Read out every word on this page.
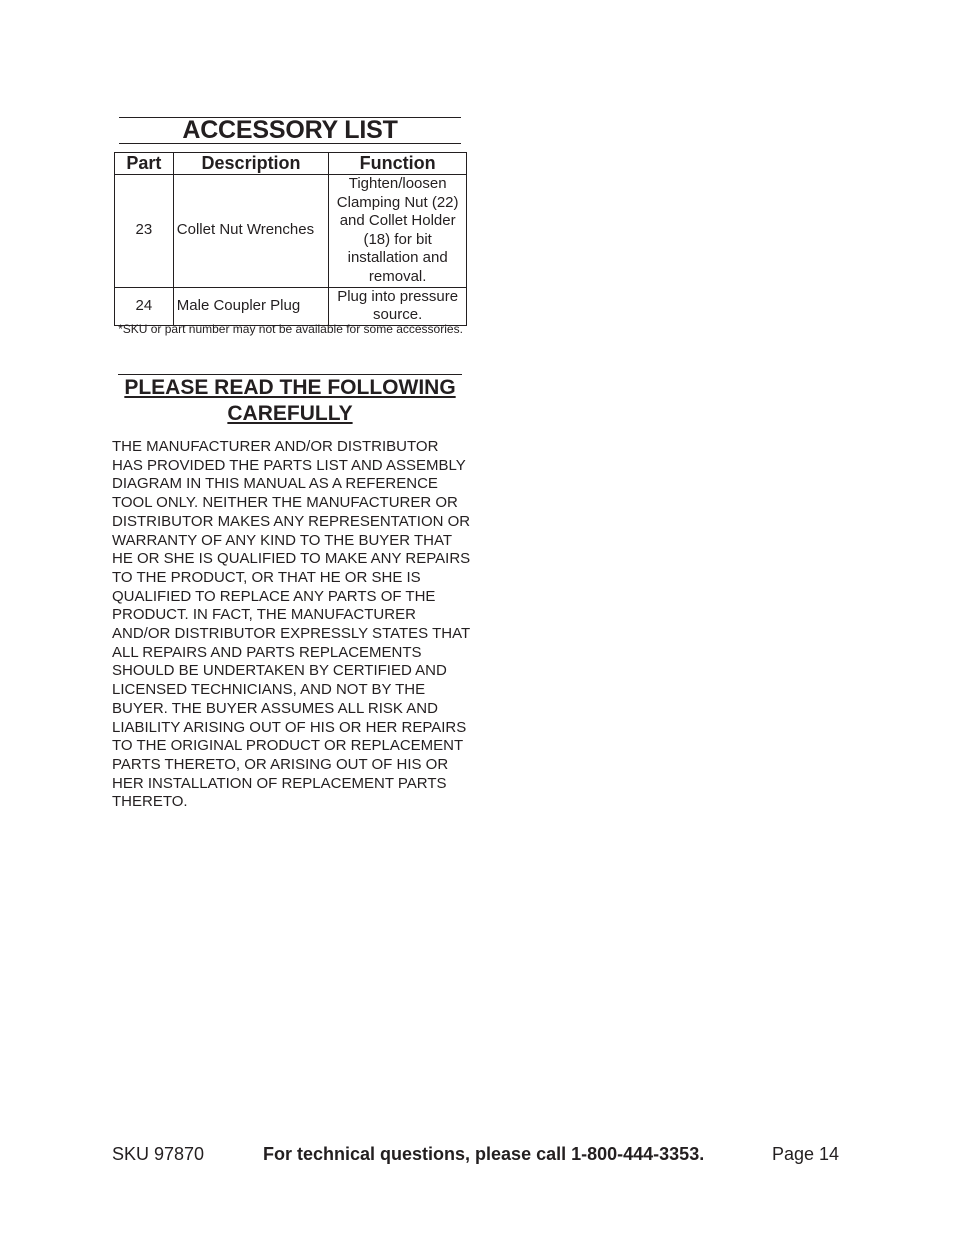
ACCESSORY LIST
Part	Description	Function
23	Collet Nut Wrenches	Tighten/loosen Clamping Nut (22) and Collet Holder (18) for bit installation and removal.
24	Male Coupler Plug	Plug into pressure source.
*SKU or part number may not be available for some accessories.
PLEASE READ THE FOLLOWING CAREFULLY
THE MANUFACTURER AND/OR DISTRIBUTOR HAS PROVIDED THE PARTS LIST AND ASSEMBLY DIAGRAM IN THIS MANUAL AS A REFERENCE TOOL ONLY. NEITHER THE MANUFACTURER OR DISTRIBUTOR MAKES ANY REPRESENTATION OR WARRANTY OF ANY KIND TO THE BUYER THAT HE OR SHE IS QUALIFIED TO MAKE ANY REPAIRS TO THE PRODUCT, OR THAT HE OR SHE IS QUALIFIED TO REPLACE ANY PARTS OF THE PRODUCT. IN FACT, THE MANUFACTURER AND/OR DISTRIBUTOR EXPRESSLY STATES THAT ALL REPAIRS AND PARTS REPLACEMENTS SHOULD BE UNDERTAKEN BY CERTIFIED AND LICENSED TECHNICIANS, AND NOT BY THE BUYER. THE BUYER ASSUMES ALL RISK AND LIABILITY ARISING OUT OF HIS OR HER REPAIRS TO THE ORIGINAL PRODUCT OR REPLACEMENT PARTS THERETO, OR ARISING OUT OF HIS OR HER INSTALLATION OF REPLACEMENT PARTS THERETO.
SKU 97870	For technical questions, please call 1-800-444-3353.	Page 14
